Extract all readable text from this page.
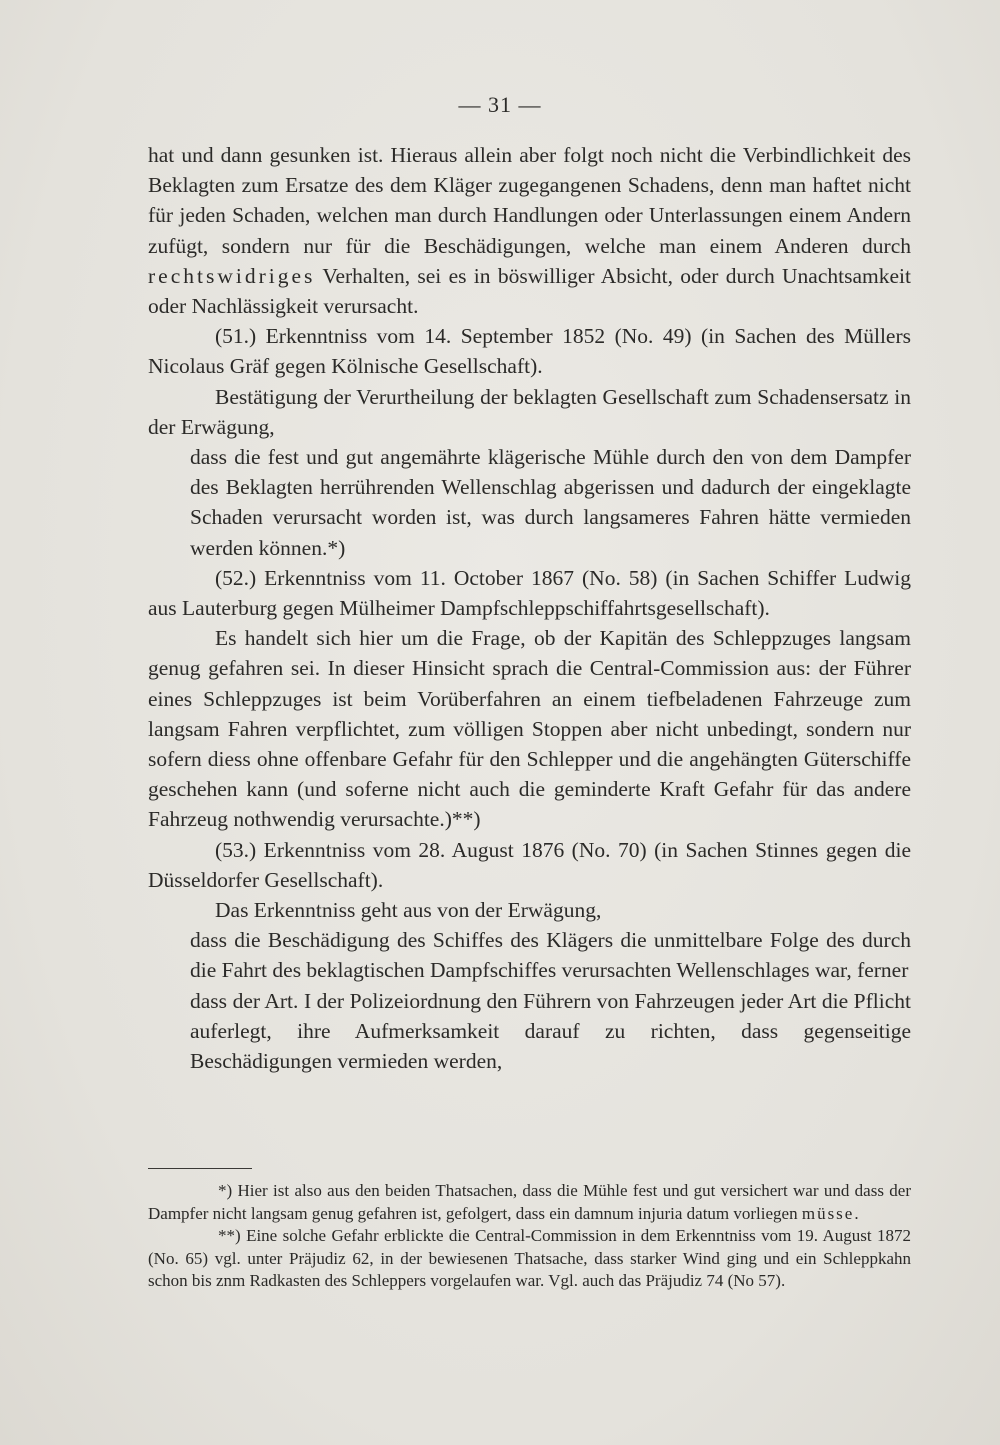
— 31 —

hat und dann gesunken ist. Hieraus allein aber folgt noch nicht die Verbindlichkeit des Beklagten zum Ersatze des dem Kläger zugegangenen Schadens, denn man haftet nicht für jeden Schaden, welchen man durch Handlungen oder Unterlassungen einem Andern zufügt, sondern nur für die Beschädigungen, welche man einem Anderen durch rechtswidriges Verhalten, sei es in böswilliger Absicht, oder durch Unachtsamkeit oder Nachlässigkeit verursacht.

(51.) Erkenntniss vom 14. September 1852 (No. 49) (in Sachen des Müllers Nicolaus Gräf gegen Kölnische Gesellschaft).

Bestätigung der Verurtheilung der beklagten Gesellschaft zum Schadensersatz in der Erwägung,

dass die fest und gut angemährte klägerische Mühle durch den von dem Dampfer des Beklagten herrührenden Wellenschlag abgerissen und dadurch der eingeklagte Schaden verursacht worden ist, was durch langsameres Fahren hätte vermieden werden können.*)

(52.) Erkenntniss vom 11. October 1867 (No. 58) (in Sachen Schiffer Ludwig aus Lauterburg gegen Mülheimer Dampfschleppschiffahrtsgesellschaft).

Es handelt sich hier um die Frage, ob der Kapitän des Schleppzuges langsam genug gefahren sei. In dieser Hinsicht sprach die Central-Commission aus: der Führer eines Schleppzuges ist beim Vorüberfahren an einem tiefbeladenen Fahrzeuge zum langsam Fahren verpflichtet, zum völligen Stoppen aber nicht unbedingt, sondern nur sofern diess ohne offenbare Gefahr für den Schlepper und die angehängten Güterschiffe geschehen kann (und soferne nicht auch die geminderte Kraft Gefahr für das andere Fahrzeug nothwendig verursachte.)**)

(53.) Erkenntniss vom 28. August 1876 (No. 70) (in Sachen Stinnes gegen die Düsseldorfer Gesellschaft).

Das Erkenntniss geht aus von der Erwägung,

dass die Beschädigung des Schiffes des Klägers die unmittelbare Folge des durch die Fahrt des beklagtischen Dampfschiffes verursachten Wellenschlages war, ferner

dass der Art. I der Polizeiordnung den Führern von Fahrzeugen jeder Art die Pflicht auferlegt, ihre Aufmerksamkeit darauf zu richten, dass gegenseitige Beschädigungen vermieden werden,

*) Hier ist also aus den beiden Thatsachen, dass die Mühle fest und gut versichert war und dass der Dampfer nicht langsam genug gefahren ist, gefolgert, dass ein damnum injuria datum vorliegen müsse.

**) Eine solche Gefahr erblickte die Central-Commission in dem Erkenntniss vom 19. August 1872 (No. 65) vgl. unter Präjudiz 62, in der bewiesenen Thatsache, dass starker Wind ging und ein Schleppkahn schon bis znm Radkasten des Schleppers vorgelaufen war. Vgl. auch das Präjudiz 74 (No 57).
